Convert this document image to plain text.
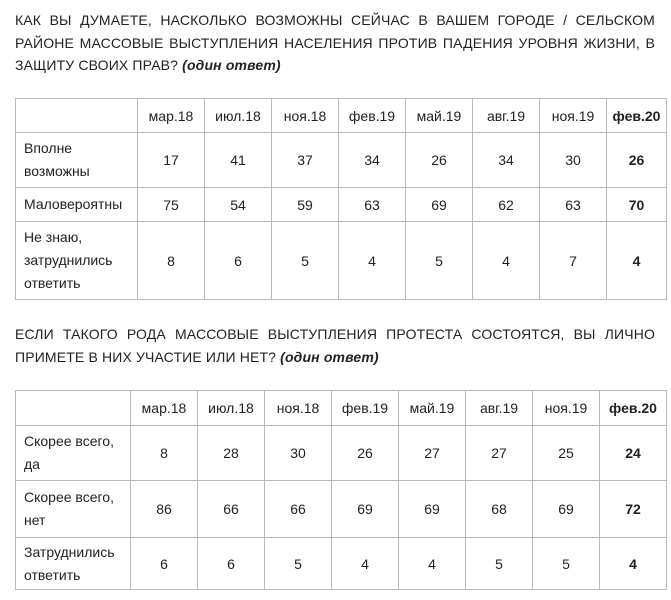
КАК ВЫ ДУМАЕТЕ, НАСКОЛЬКО ВОЗМОЖНЫ СЕЙЧАС В ВАШЕМ ГОРОДЕ / СЕЛЬСКОМ РАЙОНЕ МАССОВЫЕ ВЫСТУПЛЕНИЯ НАСЕЛЕНИЯ ПРОТИВ ПАДЕНИЯ УРОВНЯ ЖИЗНИ, В ЗАЩИТУ СВОИХ ПРАВ? (один ответ)
	мар.18	июл.18	ноя.18	фев.19	май.19	авг.19	ноя.19	фев.20
Вполне возможны	17	41	37	34	26	34	30	26
Маловероятны	75	54	59	63	69	62	63	70
Не знаю, затруднились ответить	8	6	5	4	5	4	7	4
ЕСЛИ ТАКОГО РОДА МАССОВЫЕ ВЫСТУПЛЕНИЯ ПРОТЕСТА СОСТОЯТСЯ, ВЫ ЛИЧНО ПРИМЕТЕ В НИХ УЧАСТИЕ ИЛИ НЕТ? (один ответ)
	мар.18	июл.18	ноя.18	фев.19	май.19	авг.19	ноя.19	фев.20
Скорее всего, да	8	28	30	26	27	27	25	24
Скорее всего, нет	86	66	66	69	69	68	69	72
Затруднились ответить	6	6	5	4	4	5	5	4
